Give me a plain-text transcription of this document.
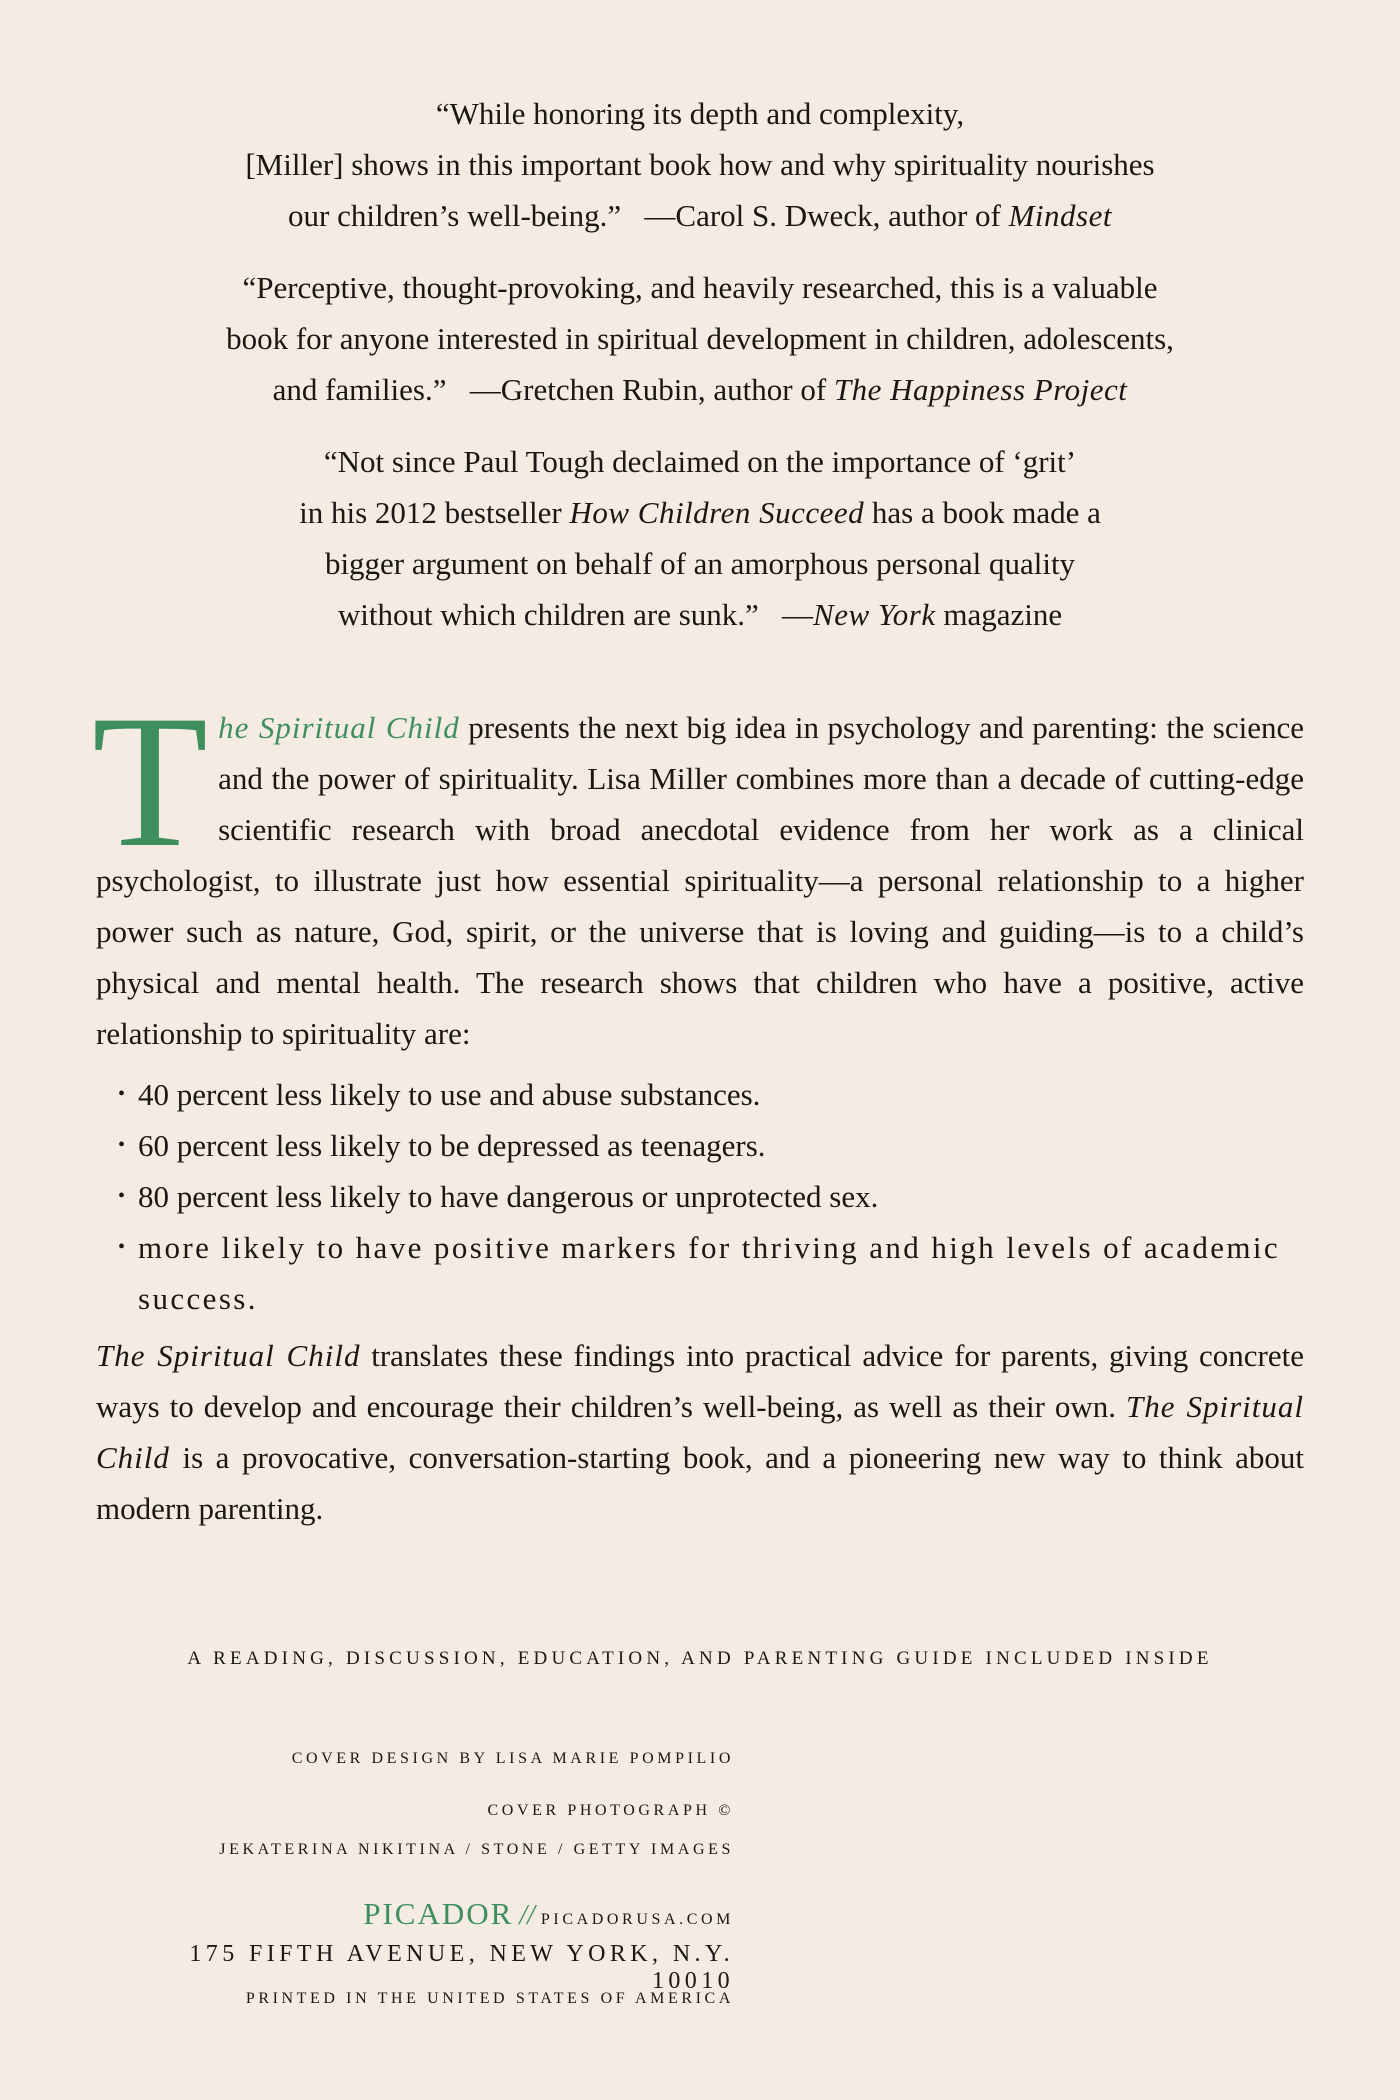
“While honoring its depth and complexity,

[Miller] shows in this important book how and why spirituality nourishes

our children’s well-being.” —Carol S. Dweck, author of Mindset

“Perceptive, thought-provoking, and heavily researched, this is a valuable

book for anyone interested in spiritual development in children, adolescents,

and families.” —Gretchen Rubin, author of The Happiness Project

“Not since Paul Tough declaimed on the importance of ‘grit’

in his 2012 bestseller How Children Succeed has a book made a

bigger argument on behalf of an amorphous personal quality

without which children are sunk.” —New York magazine

The Spiritual Child presents the next big idea in psychology and parenting: the science and the power of spirituality. Lisa Miller combines more than a decade of cutting-edge scientific research with broad anecdotal evidence from her work as a clinical psychologist, to illustrate just how essential spirituality—a personal relationship to a higher power such as nature, God, spirit, or the universe that is loving and guiding—is to a child’s physical and mental health. The research shows that children who have a positive, active relationship to spirituality are:

• 40 percent less likely to use and abuse substances.
• 60 percent less likely to be depressed as teenagers.
• 80 percent less likely to have dangerous or unprotected sex.
• more likely to have positive markers for thriving and high levels of academic success.

The Spiritual Child translates these findings into practical advice for parents, giving concrete ways to develop and encourage their children’s well-being, as well as their own. The Spiritual Child is a provocative, conversation-starting book, and a pioneering new way to think about modern parenting.

A READING, DISCUSSION, EDUCATION, AND PARENTING GUIDE INCLUDED INSIDE
COVER DESIGN BY LISA MARIE POMPILIO
COVER PHOTOGRAPH ©
JEKATERINA NIKITINA / STONE / GETTY IMAGES
PICADOR // PICADORUSA.COM
175 FIFTH AVENUE, NEW YORK, N.Y. 10010
PRINTED IN THE UNITED STATES OF AMERICA
